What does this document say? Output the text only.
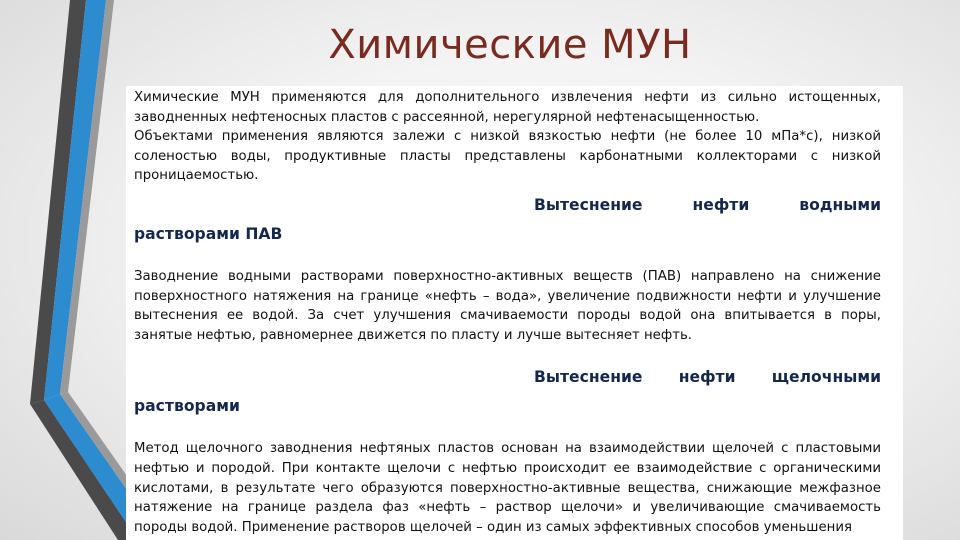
Химические МУН

Химические МУН применяются для дополнительного извлечения нефти из сильно истощенных, заводненных нефтеносных пластов с рассеянной, нерегулярной нефтенасыщенностью.

Объектами применения являются залежи с низкой вязкостью нефти (не более 10 мПа*с), низкой соленостью воды, продуктивные пласты представлены карбонатными коллекторами с низкой проницаемостью.

Вытеснение нефти водными растворами ПАВ

Заводнение водными растворами поверхностно-активных веществ (ПАВ) направлено на снижение поверхностного натяжения на границе «нефть – вода», увеличение подвижности нефти и улучшение вытеснения ее водой. За счет улучшения смачиваемости породы водой она впитывается в поры, занятые нефтью, равномернее движется по пласту и лучше вытесняет нефть.

Вытеснение нефти щелочными растворами

Метод щелочного заводнения нефтяных пластов основан на взаимодействии щелочей с пластовыми нефтью и породой. При контакте щелочи с нефтью происходит ее взаимодействие с органическими кислотами, в результате чего образуются поверхностно-активные вещества, снижающие межфазное натяжение на границе раздела фаз «нефть – раствор щелочи» и увеличивающие смачиваемость породы водой. Применение растворов щелочей – один из самых эффективных способов уменьшения
